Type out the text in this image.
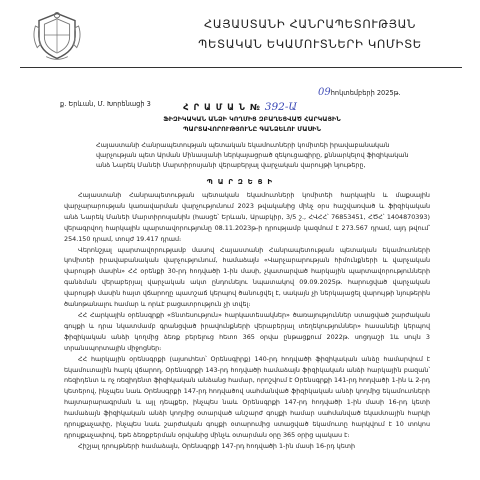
ՀԱՅԱՍՏԱՆԻ ՀԱՆՐԱՊԵՏՈՒԹՅԱՆ
ՊԵՏԱԿԱՆ ԵԿԱՄՈՒՏՆԵՐԻ ԿՈՄԻՏԵ
ք. Երևան, Մ. Խորենացի 3
09հոկտեմբերի 2025թ.
Հ Ր Ա Մ Ա Ն № 392-Ա
ՖԻԶԻԿԱԿԱՆ ԱՆՁԻ ԿՈՂՄԻՑ ԶԲԱՂԵՑՎԱԾ ՀԱՐԿԱՅԻՆ
ՊԱՐՏԱՎՈՐՈՒԹՅՈՒՆԸ ԳԱՆՁԵԼՈՒ ՄԱՍԻՆ
Հայաստանի Հանրապետության պետական եկամուտների կոմիտեի իրավաբանական վարչության պետ Արման Մինասյանի ներկայացրած զեկուցագիրը, քննարկելով ֆիզիկական անձ Նարեկ Մանեի Մարտիրոսյանի վերաբերյալ վարչական վարույթի նյութերը,
Պ Ա Ր Զ Ե Ց Ի

Հայաստանի Հանրապետության պետական եկամուտների կոմիտեի հարկային և մաքսային վարչարարության կառավարման վարչությունում 2023 թվականից մինչ օրս հաշվառված և ֆիզիկական անձ Նարեկ Մանեի Մարտիրոսյանին (հասցե՝ Երևան, Արաբկիր, 3/5 շ., ՀՎՀՀ՝ 76853451, ՀԾՀ՝ 1404870393) վերագրվող հարկային պարտավորությունը 08.11.2023թ-ի դրությամբ կազմում է 273.567 դրամ, այդ թվում՝ 254.150 դրամ, տույժ 19.417 դրամ։

Վերոնշյալ պարտավորությամբ մասով Հայաստանի Հանրապետության պետական եկամուտների կոմիտեի իրավաբանական վարչությունում, համաձայն «Վարչարարության հիմունքների և վարչական վարույթի մասին» ՀՀ օրենքի 30-րդ հոդվածի 1-ին մասի, չկատարված հարկային պարտավորությունների գանձման վերաբերյալ վարչական ակտ ընդունելու նպատակով 09.09.2025թ. հարուցված վարչական վարույթի մասին հայտ վճարողը պատշաճ կերպով ծանուցվել է, սակայն չի ներկայացել վարույթի նյութերին ծանոթանալու համար և որևէ բացատրություն չի տվել։

ՀՀ Հարկային օրենսգրքի «Տնտեսություն» հարկատեսակներ» ծառայություններ ստացված շարժական գույքի և դրա նկատմամբ գրանցված իրավունքների վերաբերյալ տեղեկություններ» հասանելի կերպով ֆիզիկական անձի կողմից ձեռք բերելուց հետո 365 օրվա ընթացքում 2022թ. սոցդաշի 1և սույն 3 տրանսպորտային միջոցներ։

ՀՀ հարկային օրենսգրքի (այսուհետ՝ Օրենսգիրք) 140-րդ հոդվածի ֆիզիկական անձը համարվում է եկամուտային հարկ վճարող, Օրենսգրքի 143-րդ հոդվածի համաձայն ֆիզիկական անձի հարկային բազան՝ ոեզիդենտ և ոչ ռեզիդենտ ֆիզիկական անձանց համար, որոշվում է Օրենսգրքի 141-րդ հոդվածի 1-ին և 2-րդ կետերով, ինչպես նաև Օրենսգրքի 147-րդ հոդվածով սահմանված ֆիզիկական անձի կողմից եկամուտների հայտարարագրման և այլ դեպքեր, ինչպես նաև Օրենսգրքի 147-րդ հոդվածի 1-ին մասի 16-րդ կետի համաձայն ֆիզիկական անձի կողմից օտարված անշարժ գույքի համար սահմանված եկամտային հարկի դրույքաչափը, ինչպես նաև շարժական գույքի օտարումից ստացված եկամուտը հարկվում է 10 տոկոս դրույքաչափով, եթե ձեռքբերման օրվանից մինչև օտարման օրը 365 օրից պակաս է։

Հիշյալ դրույթների համաձայն, Օրենսգրքի 147-րդ հոդվածի 1-ին մասի 16-րդ կետի
